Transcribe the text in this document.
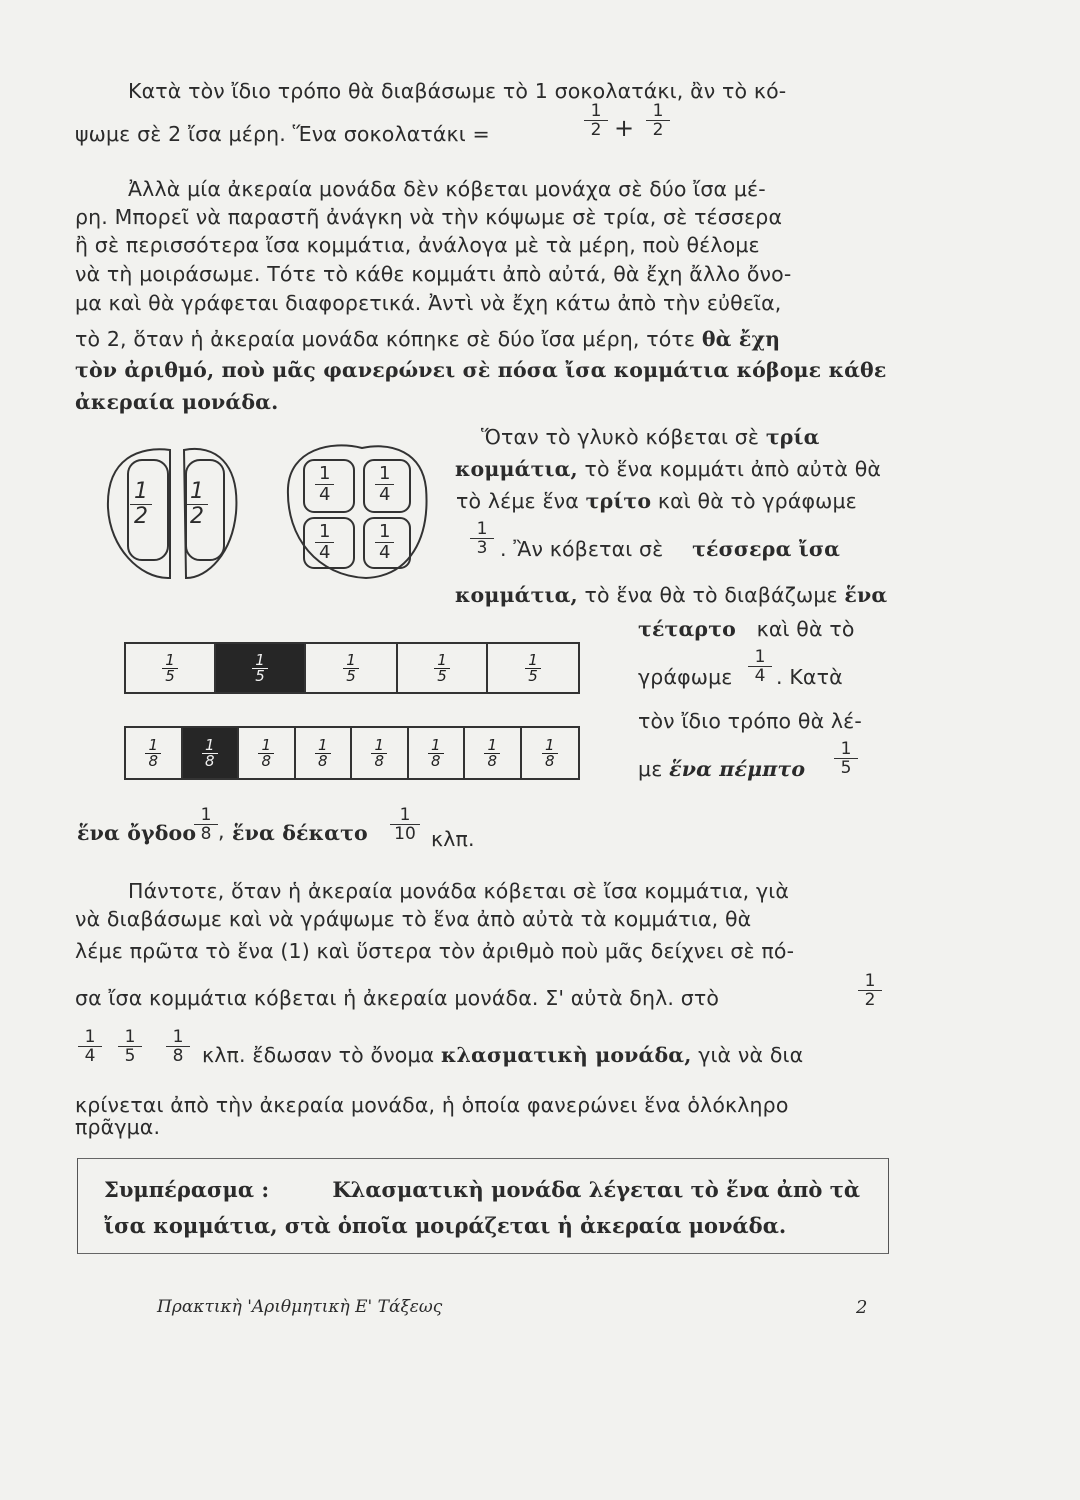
Κατὰ τὸν ἴδιο τρόπο θὰ διαβάσωμε τὸ 1 σοκολατάκι, ἂν τὸ κό-
ψωμε σὲ 2 ἴσα μέρη. Ἕνα σοκολατάκι =	$\frac{1}{2} + \frac{1}{2}$
Ἀλλὰ μία ἀκεραία μονάδα δὲν κόβεται μονάχα σὲ δύο ἴσα μέ-
ρη. Μπορεῖ νὰ παραστῆ ἀνάγκη νὰ τὴν κόψωμε σὲ τρία, σὲ τέσσερα
ἢ σὲ περισσότερα ἴσα κομμάτια, ἀνάλογα μὲ τὰ μέρη, ποὺ θέλομε
νὰ τὴ μοιράσωμε. Τότε τὸ κάθε κομμάτι ἀπὸ αὐτά, θὰ ἔχη ἄλλο ὄνο-
μα καὶ θὰ γράφεται διαφορετικά. Ἀντὶ νὰ ἔχη κάτω ἀπὸ τὴν εὐθεῖα,
τὸ 2, ὅταν ἡ ἀκεραία μονάδα κόπηκε σὲ δύο ἴσα μέρη, τότε θὰ ἔχη
τὸν ἀριθμό, ποὺ μᾶς φανερώνει σὲ πόσα ἴσα κομμάτια κόβομε κάθε
ἀκεραία μονάδα.
Ὅταν τὸ γλυκὸ κόβεται σὲ τρία
κομμάτια, τὸ ἕνα κομμάτι ἀπὸ αὐτὰ θὰ
τὸ λέμε ἕνα τρίτο καὶ θὰ τὸ γράφωμε
$\frac{1}{3}$ . Ἂν κόβεται σὲ τέσσερα ἴσα
κομμάτια, τὸ ἕνα θὰ τὸ διαβάζωμε ἕνα
τέταρτο καὶ θὰ τὸ
γράφωμε $\frac{1}{4}$ . Κατὰ
τὸν ἴδιο τρόπο θὰ λέ-
με ἕνα πέμπτο $\frac{1}{5}$
$\frac{1}{2} \frac{1}{2}$	$\frac{1}{4} \frac{1}{4}$
$\frac{1}{4} \frac{1}{4}$
1
5
1
5
1
5
1
5
1
5
1
8
1
8
1
8
1
8
1
8
1
8
1
8
1
8
ἕνα ὄγδοο
$\frac{1}{8}$ , ἕνα δέκατο $\frac{1}{10} \kappa\lambda\pi$.
Πάντοτε, ὅταν ἡ ἀκεραία μονάδα κόβεται σὲ ἴσα κομμάτια, γιὰ
νὰ διαβάσωμε καὶ νὰ γράψωμε τὸ ἕνα ἀπὸ αὐτὰ τὰ κομμάτια, θὰ
λέμε πρῶτα τὸ ἕνα (1) καὶ ὕστερα τὸν ἀριθμὸ ποὺ μᾶς δείχνει σὲ πό-
σα ἴσα κομμάτια κόβεται ἡ ἀκεραία μονάδα. Σ' αὐτὰ δηλ. στὸ	$\frac{1}{2}$
$\frac{1}{4} \frac{1}{5} \frac{1}{8} \kappa\lambda\pi$. ἔδωσαν τὸ ὄνομα κλασματικὴ μονάδα, γιὰ νὰ δια
κρίνεται ἀπὸ τὴν ἀκεραία μονάδα, ἡ ὁποία φανερώνει ἕνα ὁλόκληρο
πρᾶγμα.
Συμπέρασμα :	Κλασματικὴ μονάδα λέγεται τὸ ἕνα ἀπὸ τὰ
ἴσα κομμάτια, στὰ ὁποῖα μοιράζεται ἡ ἀκεραία μονάδα.
Πρακτικὴ 'Αριθμητικὴ Ε' Τάξεως	2
